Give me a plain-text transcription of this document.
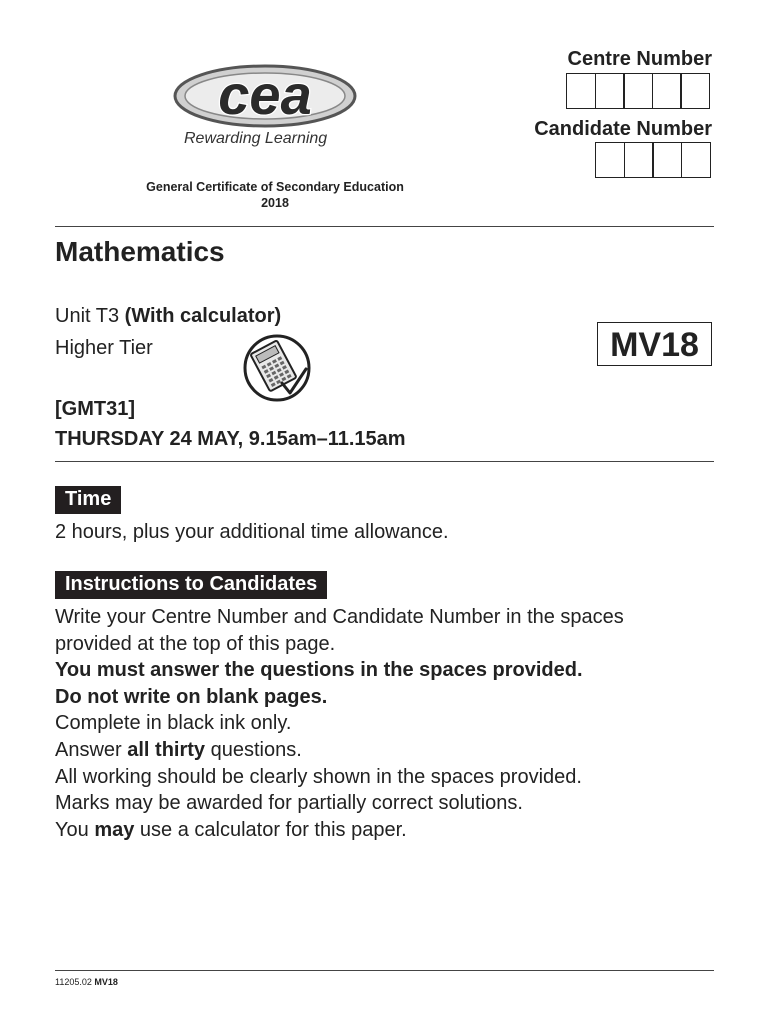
cea
Rewarding Learning
General Certificate of Secondary Education
2018
Centre Number
Candidate Number
Mathematics
Unit T3 (With calculator)
Higher Tier	MV18
[GMT31]
THURSDAY 24 MAY, 9.15am–11.15am
Time
2 hours, plus your additional time allowance.
Instructions to Candidates
Write your Centre Number and Candidate Number in the spaces
provided at the top of this page.
You must answer the questions in the spaces provided.
Do not write on blank pages.
Complete in black ink only.
Answer all thirty questions.
All working should be clearly shown in the spaces provided.
Marks may be awarded for partially correct solutions.
You may use a calculator for this paper.
11205.02 MV18
